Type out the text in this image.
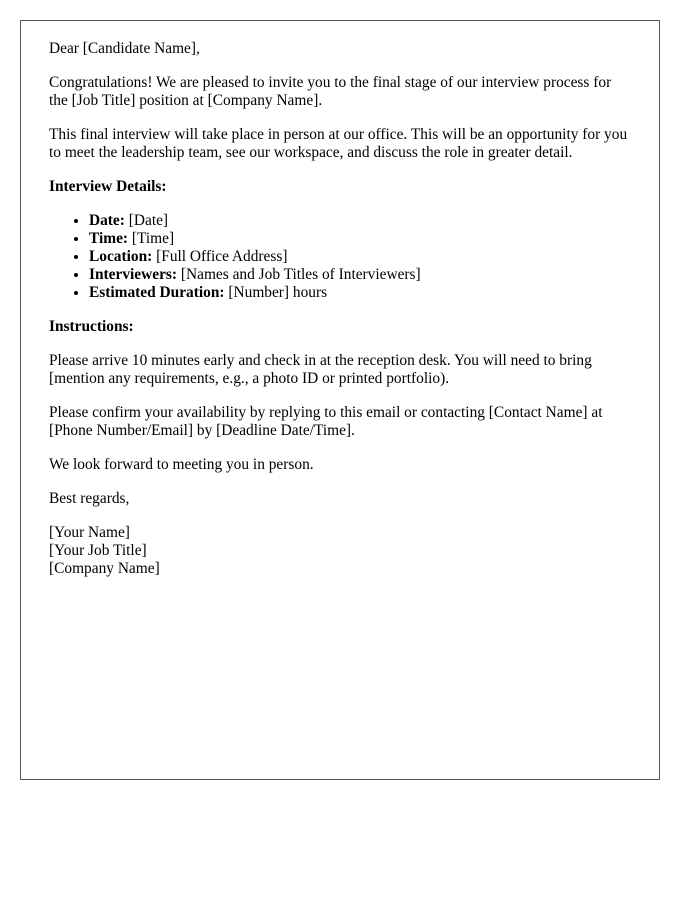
Dear [Candidate Name],

Congratulations! We are pleased to invite you to the final stage of our interview process for the [Job Title] position at [Company Name].

This final interview will take place in person at our office. This will be an opportunity for you to meet the leadership team, see our workspace, and discuss the role in greater detail.

Interview Details:
• Date: [Date]
• Time: [Time]
• Location: [Full Office Address]
• Interviewers: [Names and Job Titles of Interviewers]
• Estimated Duration: [Number] hours
Instructions:

Please arrive 10 minutes early and check in at the reception desk. You will need to bring [mention any requirements, e.g., a photo ID or printed portfolio).

Please confirm your availability by replying to this email or contacting [Contact Name] at [Phone Number/Email] by [Deadline Date/Time].

We look forward to meeting you in person.

Best regards,

[Your Name]
[Your Job Title]
[Company Name]
